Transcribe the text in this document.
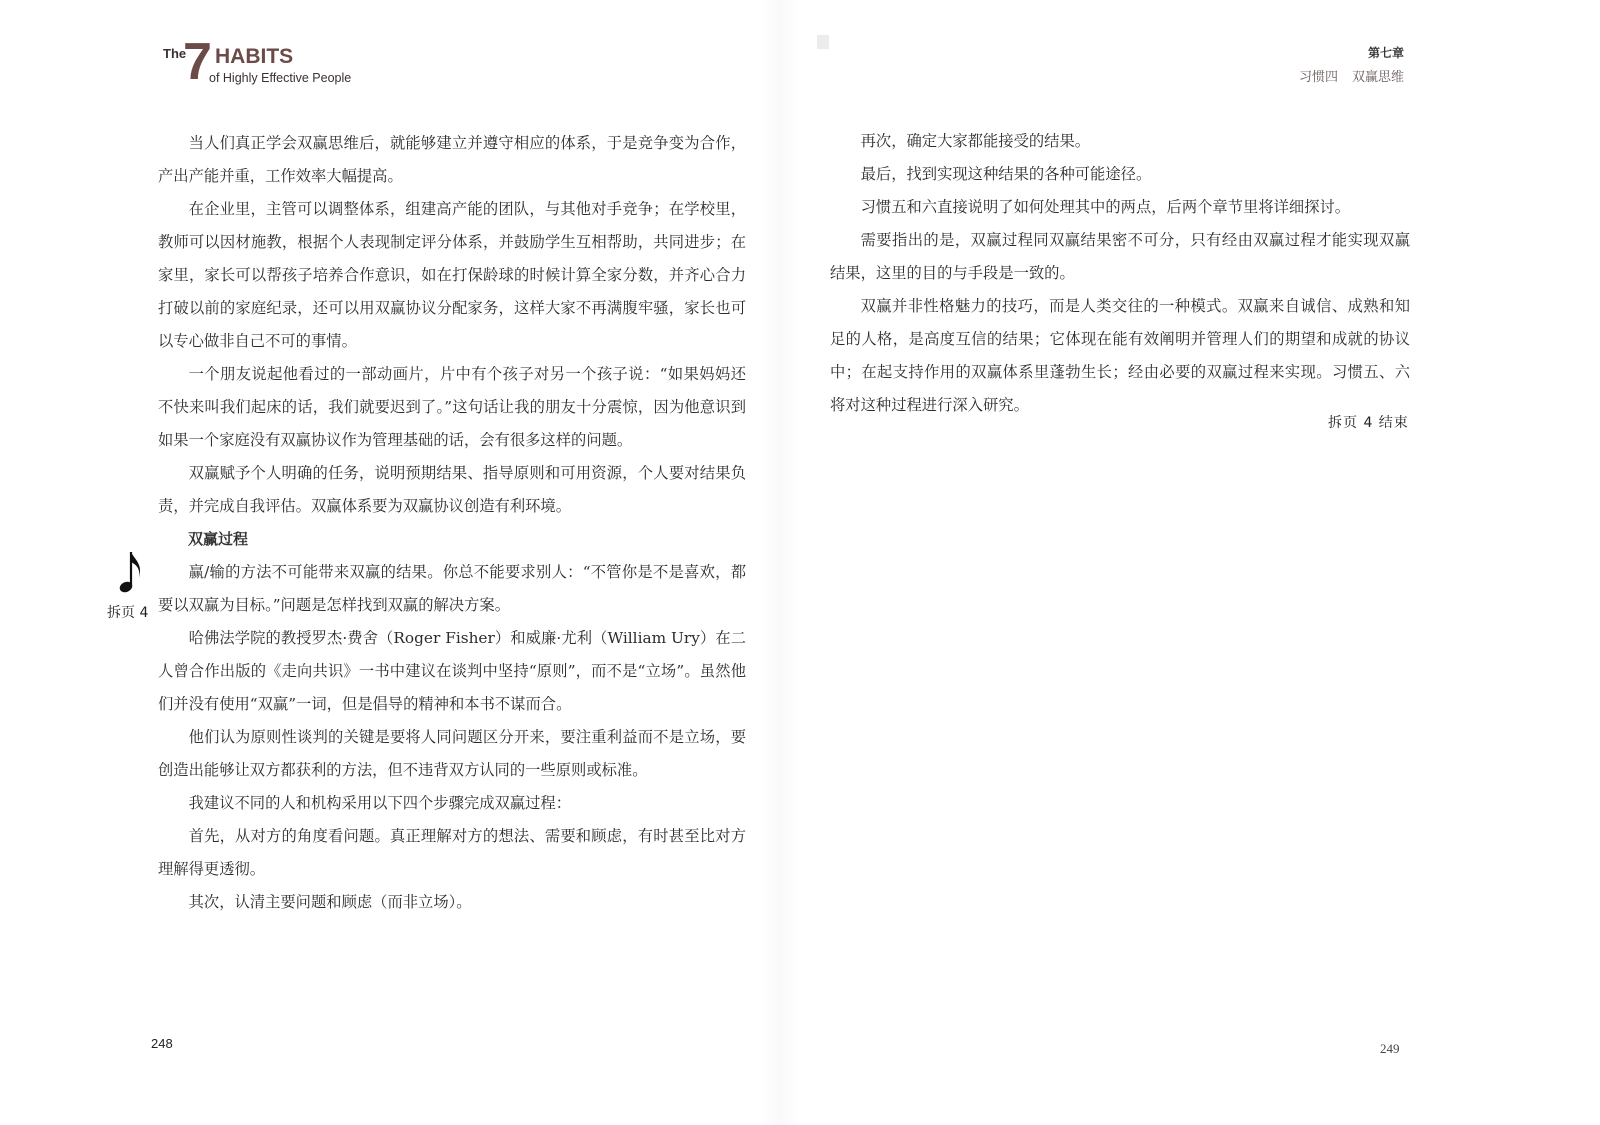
The
7 HABITS
of Highly Effective People

当人们真正学会双赢思维后，就能够建立并遵守相应的体系，于是竞争变为合作，产出产能并重，工作效率大幅提高。

在企业里，主管可以调整体系，组建高产能的团队，与其他对手竞争；在学校里，教师可以因材施教，根据个人表现制定评分体系，并鼓励学生互相帮助，共同进步；在家里，家长可以帮孩子培养合作意识，如在打保龄球的时候计算全家分数，并齐心合力打破以前的家庭纪录，还可以用双赢协议分配家务，这样大家不再满腹牢骚，家长也可以专心做非自己不可的事情。

一个朋友说起他看过的一部动画片，片中有个孩子对另一个孩子说：“如果妈妈还不快来叫我们起床的话，我们就要迟到了。”这句话让我的朋友十分震惊，因为他意识到如果一个家庭没有双赢协议作为管理基础的话，会有很多这样的问题。

双赢赋予个人明确的任务，说明预期结果、指导原则和可用资源，个人要对结果负责，并完成自我评估。双赢体系要为双赢协议创造有利环境。

双赢过程

赢/输的方法不可能带来双赢的结果。你总不能要求别人：“不管你是不是喜欢，都要以双赢为目标。”问题是怎样找到双赢的解决方案。

哈佛法学院的教授罗杰·费舍（Roger Fisher）和威廉·尤利（William Ury）在二人曾合作出版的《走向共识》一书中建议在谈判中坚持“原则”，而不是“立场”。虽然他们并没有使用“双赢”一词，但是倡导的精神和本书不谋而合。

他们认为原则性谈判的关键是要将人同问题区分开来，要注重利益而不是立场，要创造出能够让双方都获利的方法，但不违背双方认同的一些原则或标准。

我建议不同的人和机构采用以下四个步骤完成双赢过程：

首先，从对方的角度看问题。真正理解对方的想法、需要和顾虑，有时甚至比对方理解得更透彻。

其次，认清主要问题和顾虑（而非立场）。

拆页 4
248
第七章
习惯四 双赢思维

再次，确定大家都能接受的结果。

最后，找到实现这种结果的各种可能途径。

习惯五和六直接说明了如何处理其中的两点，后两个章节里将详细探讨。

需要指出的是，双赢过程同双赢结果密不可分，只有经由双赢过程才能实现双赢结果，这里的目的与手段是一致的。

双赢并非性格魅力的技巧，而是人类交往的一种模式。双赢来自诚信、成熟和知足的人格，是高度互信的结果；它体现在能有效阐明并管理人们的期望和成就的协议中；在起支持作用的双赢体系里蓬勃生长；经由必要的双赢过程来实现。习惯五、六将对这种过程进行深入研究。

拆页 4 结束
249
